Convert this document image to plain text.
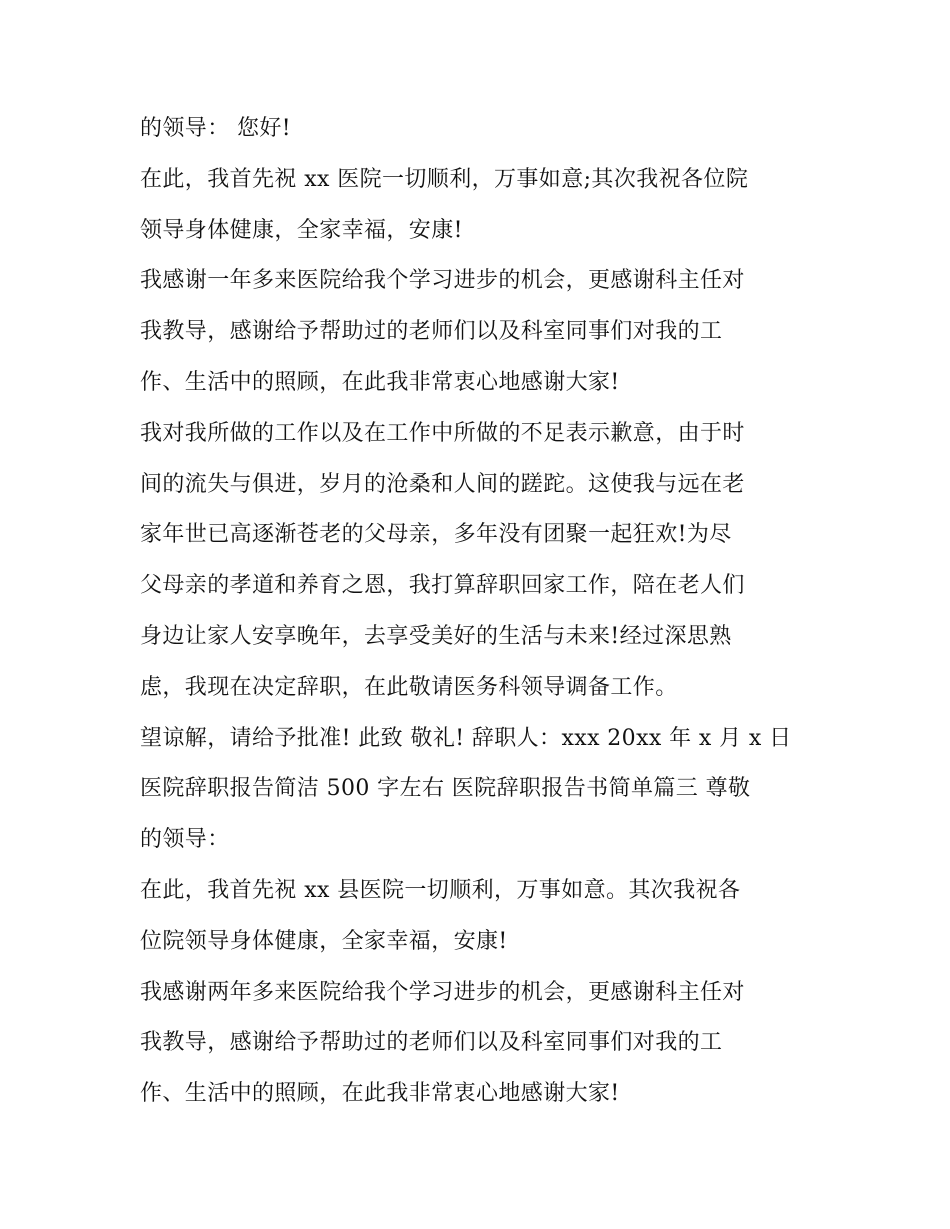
的领导： 您好!
在此，我首先祝 xx 医院一切顺利，万事如意;其次我祝各位院
领导身体健康，全家幸福，安康!
我感谢一年多来医院给我个学习进步的机会，更感谢科主任对
我教导，感谢给予帮助过的老师们以及科室同事们对我的工
作、生活中的照顾，在此我非常衷心地感谢大家!
我对我所做的工作以及在工作中所做的不足表示歉意，由于时
间的流失与俱进，岁月的沧桑和人间的蹉跎。这使我与远在老
家年世已高逐渐苍老的父母亲，多年没有团聚一起狂欢!为尽
父母亲的孝道和养育之恩，我打算辞职回家工作，陪在老人们
身边让家人安享晚年，去享受美好的生活与未来!经过深思熟
虑，我现在决定辞职，在此敬请医务科领导调备工作。
望谅解，请给予批准! 此致 敬礼! 辞职人：xxx 20xx 年 x 月 x 日
医院辞职报告简洁 500 字左右 医院辞职报告书简单篇三 尊敬
的领导：
在此，我首先祝 xx 县医院一切顺利，万事如意。其次我祝各
位院领导身体健康，全家幸福，安康!
我感谢两年多来医院给我个学习进步的机会，更感谢科主任对
我教导，感谢给予帮助过的老师们以及科室同事们对我的工
作、生活中的照顾，在此我非常衷心地感谢大家!
